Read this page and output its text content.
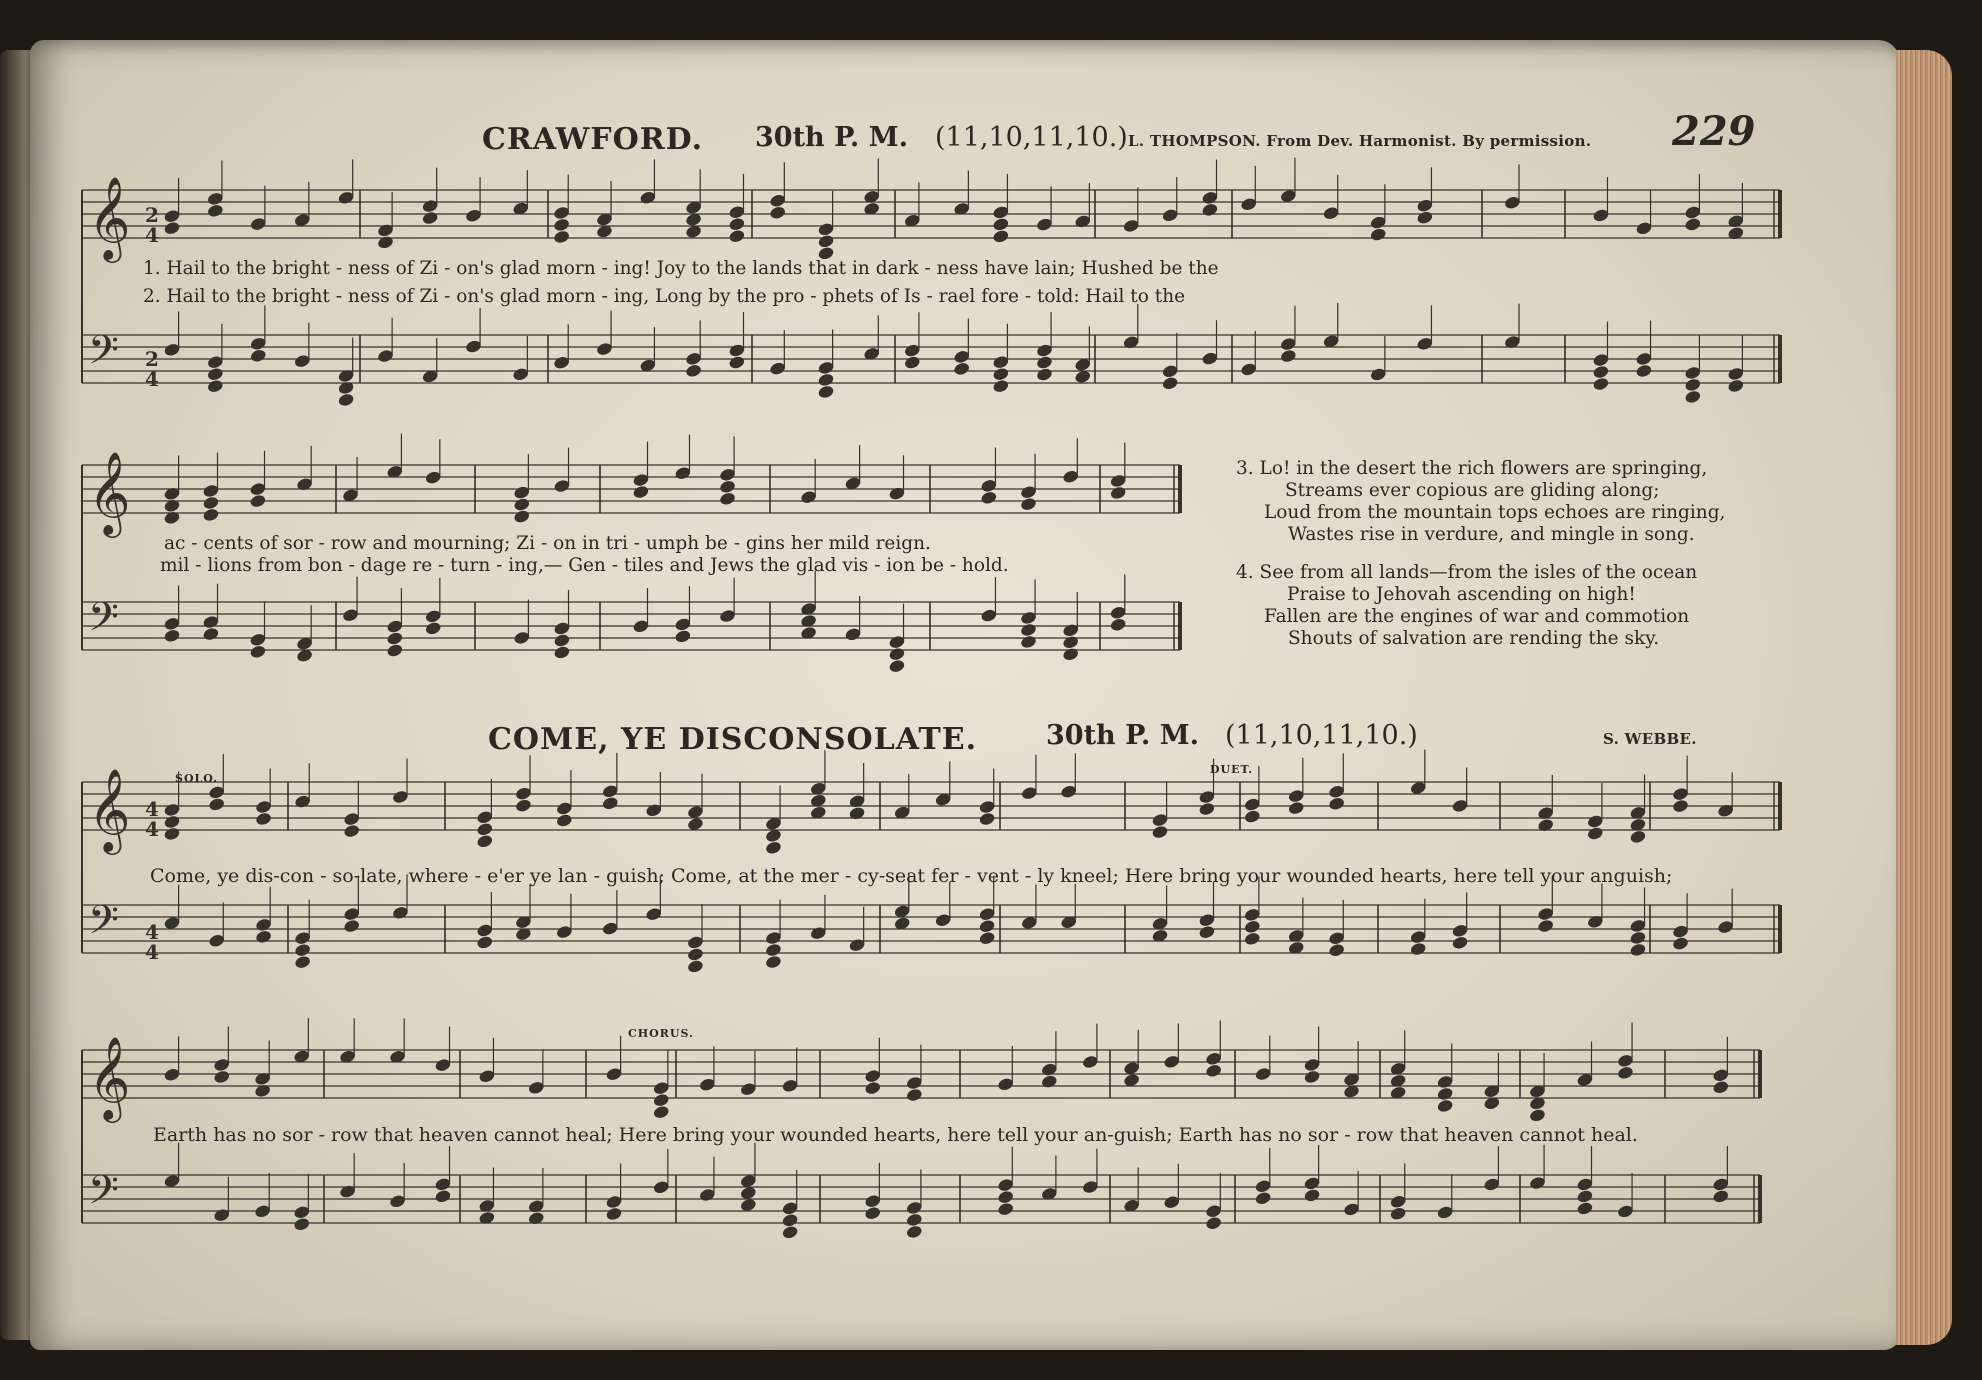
𝄞
𝄢
𝄞
𝄢
𝄞
𝄢
𝄞
𝄢
2
4
2
4
4
4
4
4
229
CRAWFORD. 30th P. M. (11,10,11,10.) L. THOMPSON. From Dev. Harmonist. By permission.
1. Hail to the bright - ness of Zi - on's glad morn - ing! Joy to the lands that in dark - ness have lain; Hushed be the
2. Hail to the bright - ness of Zi - on's glad morn - ing, Long by the pro - phets of Is - rael fore - told: Hail to the
ac - cents of sor - row and mourning; Zi - on in tri - umph be - gins her mild reign.
mil - lions from bon - dage re - turn - ing,— Gen - tiles and Jews the glad vis - ion be - hold.
3. Lo! in the desert the rich flowers are springing,
Streams ever copious are gliding along;
Loud from the mountain tops echoes are ringing,
Wastes rise in verdure, and mingle in song.
4. See from all lands—from the isles of the ocean
Praise to Jehovah ascending on high!
Fallen are the engines of war and commotion
Shouts of salvation are rending the sky.
COME, YE DISCONSOLATE.	30th P. M. (11,10,11,10.)	S. WEBBE.
SOLO.
DUET.
CHORUS.
Come, ye dis-con - so-late, where - e'er ye lan - guish; Come, at the mer - cy-seat fer - vent - ly kneel; Here bring your wounded hearts, here tell your anguish;
Earth has no sor - row that heaven cannot heal; Here bring your wounded hearts, here tell your an-guish; Earth has no sor - row that heaven cannot heal.
